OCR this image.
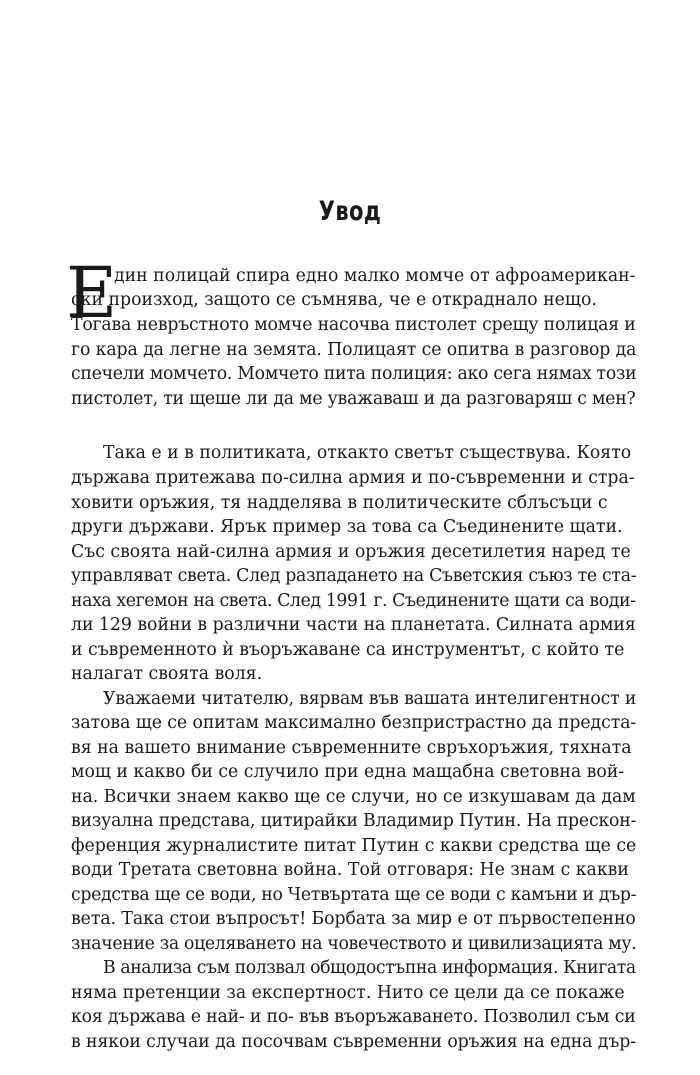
Увод
Е
дин полицай спира едно малко момче от афроамерикан-
ски произход, защото се съмнява, че е откраднало нещо.
Тогава невръстното момче насочва пистолет срещу полицая и
го кара да легне на земята. Полицаят се опитва в разговор да
спечели момчето. Момчето пита полиция: ако сега нямах този
пистолет, ти щеше ли да ме уважаваш и да разговаряш с мен?
Така е и в политиката, откакто светът съществува. Която
държава притежава по-силна армия и по-съвременни и стра-
ховити оръжия, тя надделява в политическите сблъсъци с
други държави. Ярък пример за това са Съединените щати.
Със своята най-силна армия и оръжия десетилетия наред те
управляват света. След разпадането на Съветския съюз те ста-
наха хегемон на света. След 1991 г. Съединените щати са води-
ли 129 войни в различни части на планетата. Силната армия
и съвременното ѝ въоръжаване са инструментът, с който те
налагат своята воля.
Уважаеми читателю, вярвам във вашата интелигентност и
затова ще се опитам максимално безпристрастно да предста-
вя на вашето внимание съвременните свръхоръжия, тяхната
мощ и какво би се случило при една мащабна световна вой-
на. Всички знаем какво ще се случи, но се изкушавам да дам
визуална представа, цитирайки Владимир Путин. На прескон-
ференция журналистите питат Путин с какви средства ще се
води Третата световна война. Той отговаря: Не знам с какви
средства ще се води, но Четвъртата ще се води с камъни и дър-
вета. Така стои въпросът! Борбата за мир е от първостепенно
значение за оцеляването на човечеството и цивилизацията му.
В анализа съм ползвал общодостъпна информация. Книгата
няма претенции за експертност. Нито се цели да се покаже
коя държава е най- и по- във въоръжаването. Позволил съм си
в някои случаи да посочвам съвременни оръжия на една дър-
